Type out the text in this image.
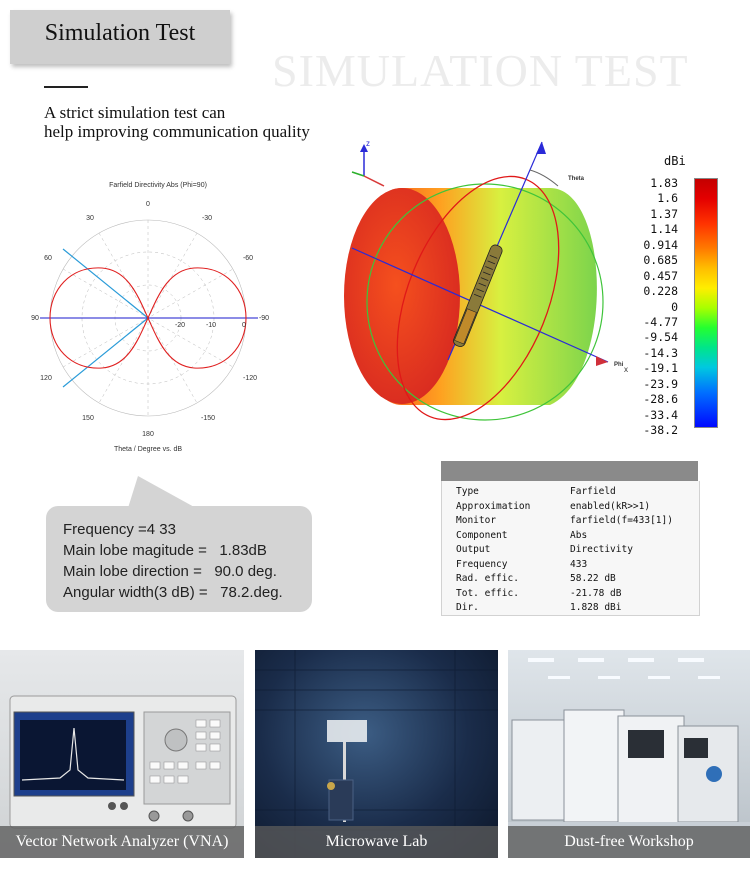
Simulation Test
SIMULATION TEST
A strict simulation test can
help improving communication quality
Farfield Directivity Abs (Phi=90)
0
30	-30
60	-60
90	-90
120	-120
150	-150
180
-20	-10	0
Theta / Degree vs. dB
Theta
Phi
z
x
dBi
1.83
1.6
1.37
1.14
0.914
0.685
0.457
0.228
0
-4.77
-9.54
-14.3
-19.1
-23.9
-28.6
-33.4
-38.2
Frequency =4 33
Main lobe magitude =   1.83dB
Main lobe direction =   90.0 deg.
Angular width(3 dB) =   78.2.deg.
Type	Farfield
Approximation	enabled(kR>>1)
Monitor	farfield(f=433[1])
Component	Abs
Output	Directivity
Frequency	433
Rad. effic.	58.22 dB
Tot. effic.	-21.78 dB
Dir.	1.828 dBi
Vector Network Analyzer (VNA)	Microwave Lab	Dust-free Workshop
